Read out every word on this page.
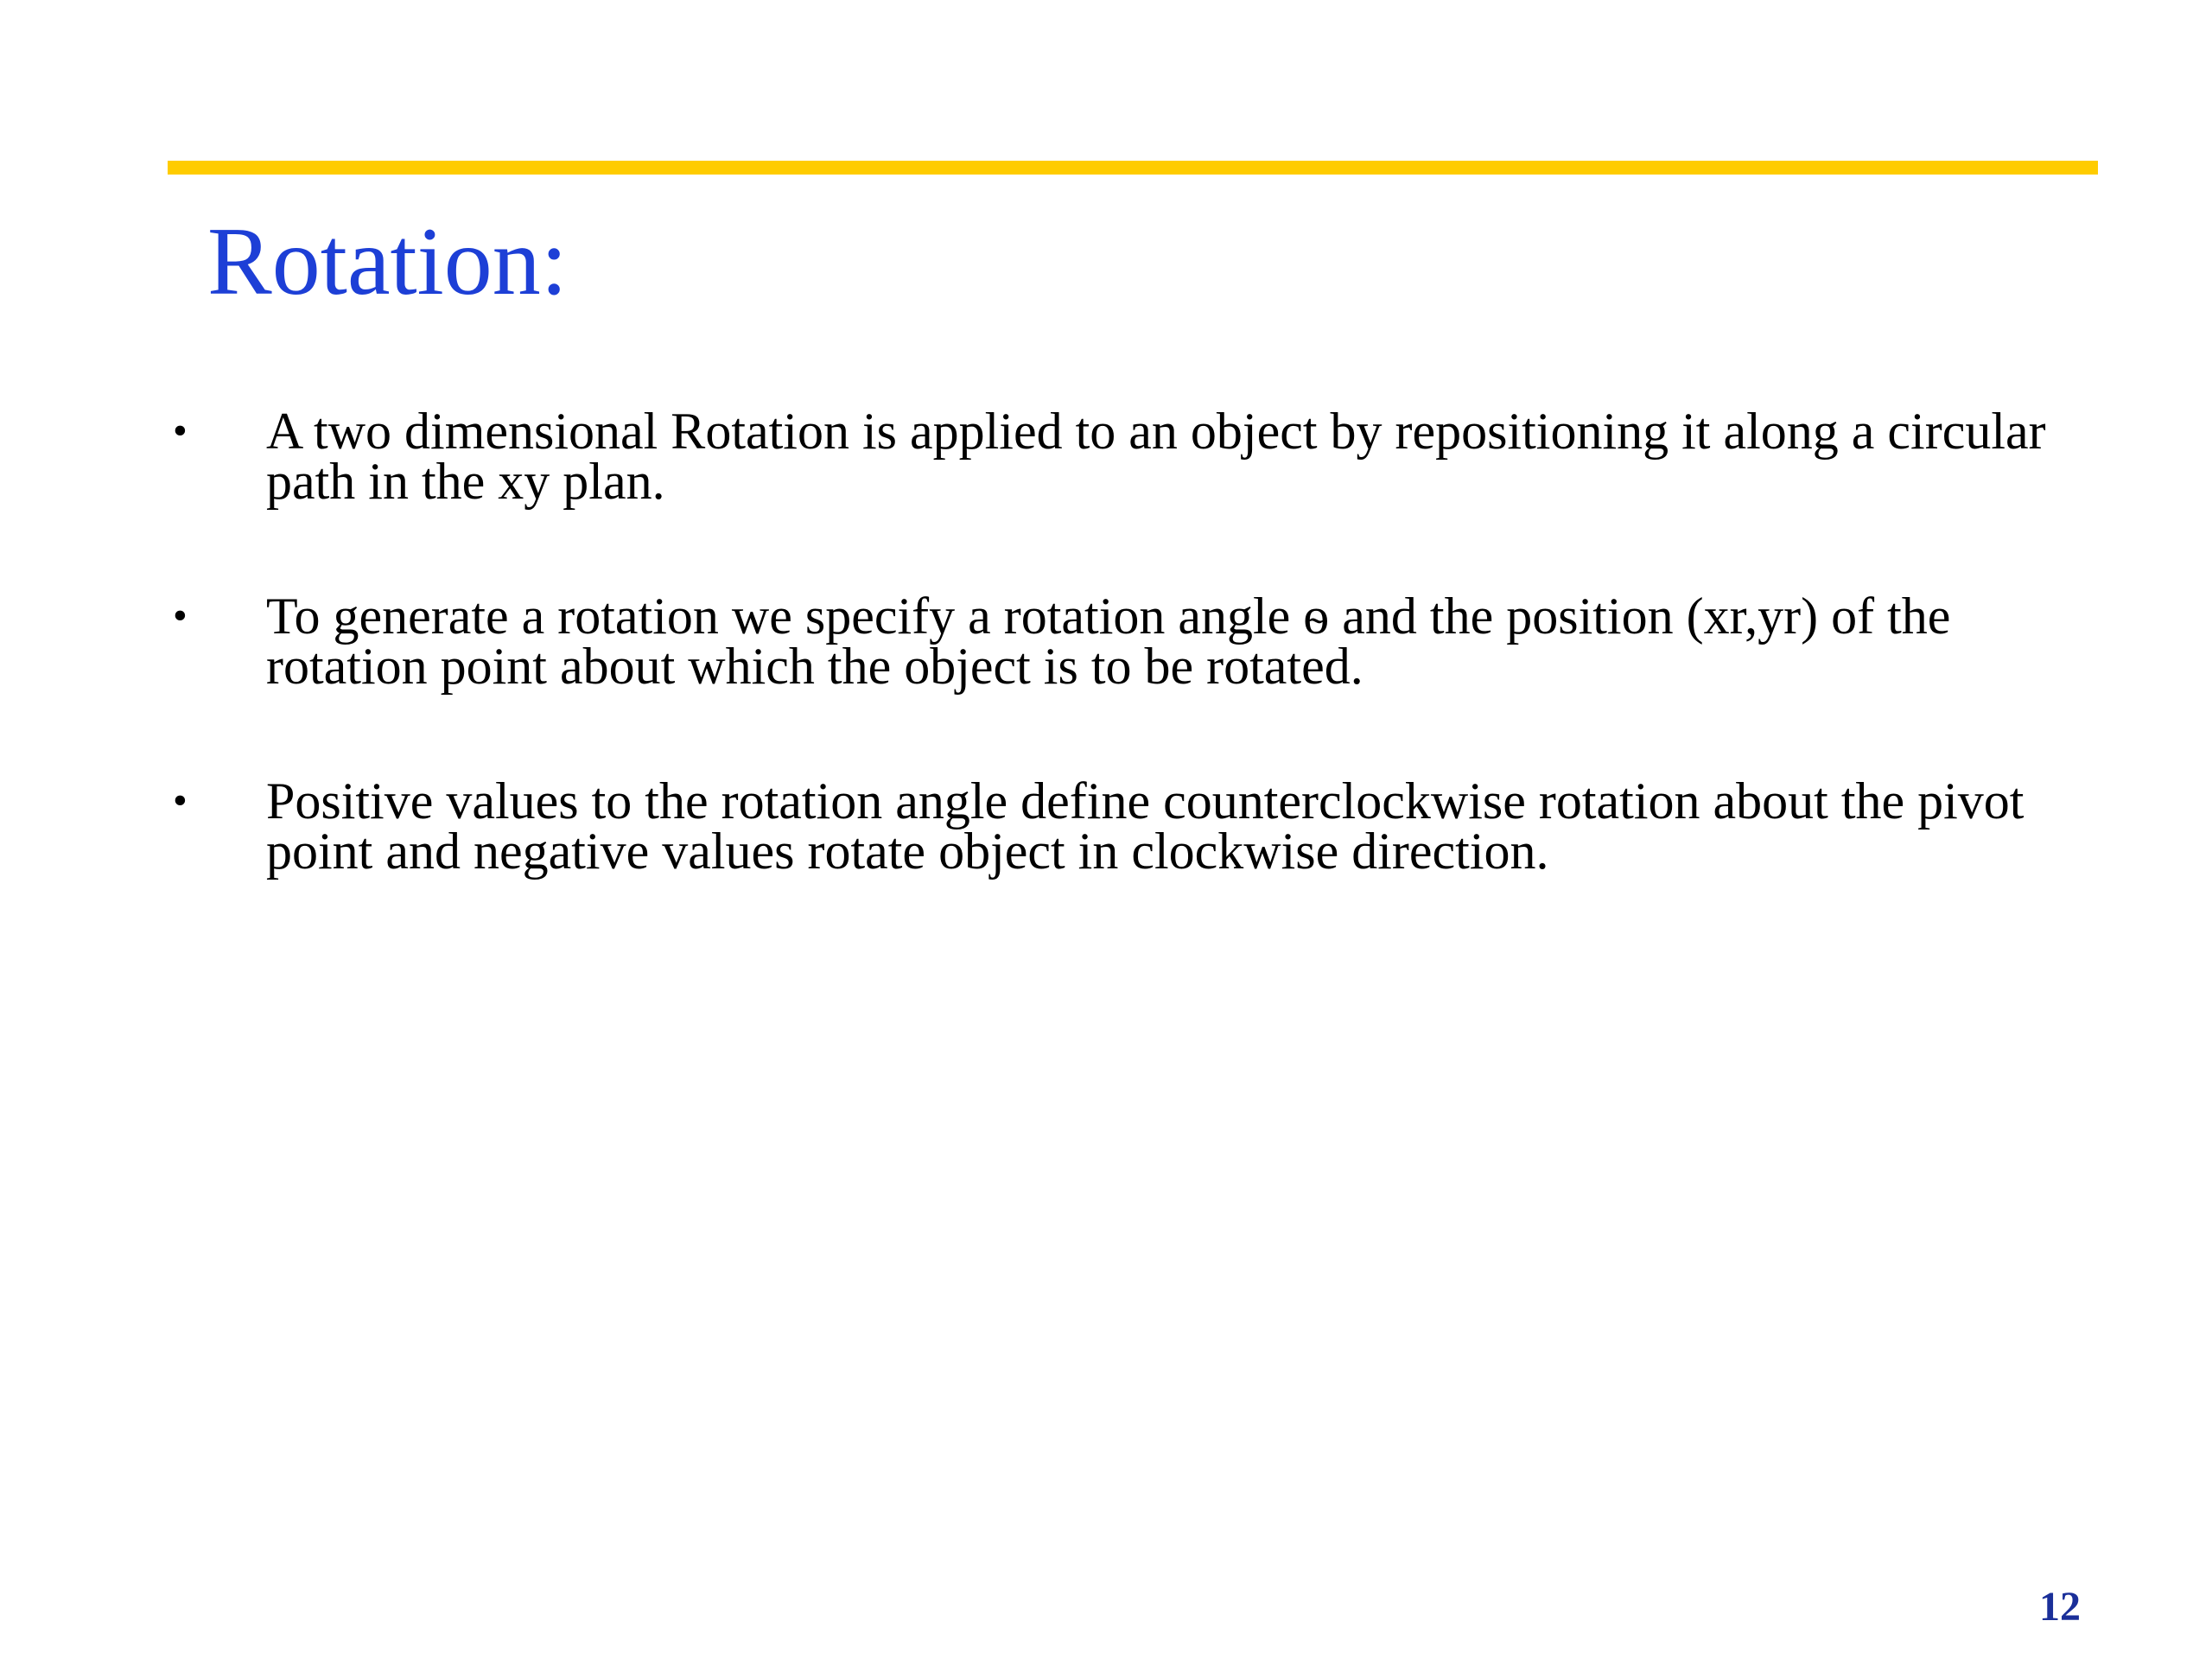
Rotation:
•	A two dimensional Rotation is applied to an object by repositioning it along a circular path in the xy plan.
•	To generate a rotation we specify a rotation angle ѳ and the position (xr,yr) of the rotation point about which the object is to be rotated.
•	Positive values to the rotation angle define counterclockwise rotation about the pivot point and negative values rotate object in clockwise direction.
12
